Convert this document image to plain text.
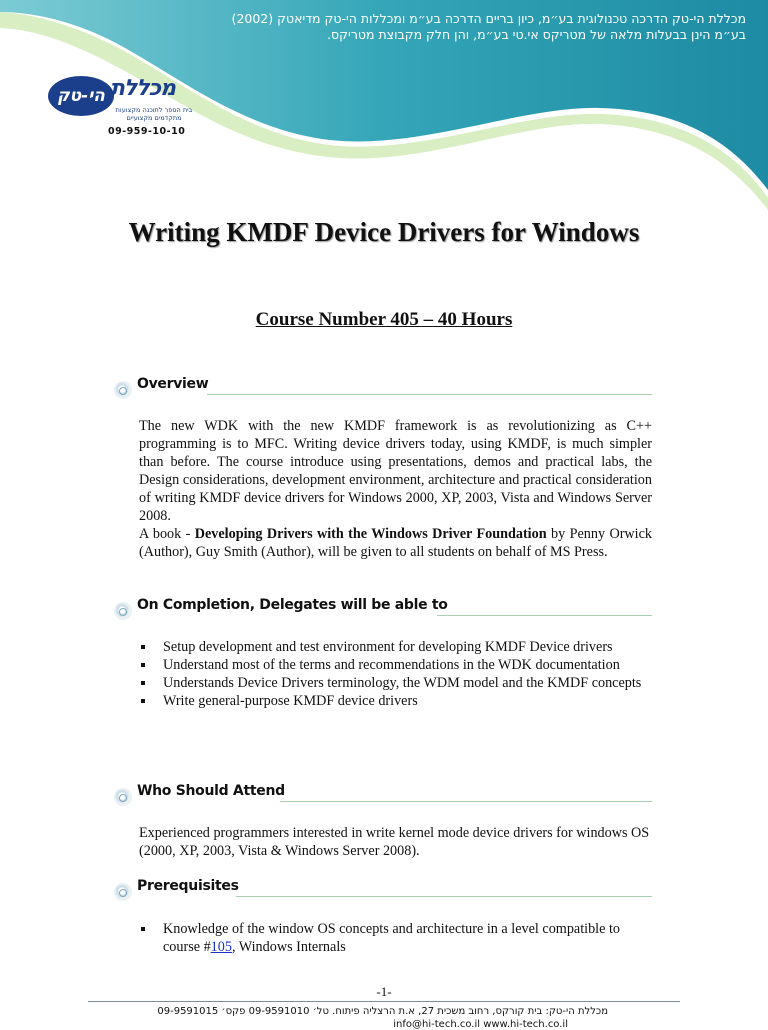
מכללת הי-טק הדרכה טכנולוגית בע״מ, כיון בריים הדרכה בע״מ ומכללות הי-טק מדיאטק (2002)
בע״מ הינן בבעלות מלאה של מטריקס אי.טי בע״מ, והן חלק מקבוצת מטריקס.
הי-טק מכללת
בית הספר לתוכנה מקצועות מתקדמים מקצועיים
09-959-10-10
Writing KMDF Device Drivers for Windows
Course Number 405 – 40 Hours
Overview

The new WDK with the new KMDF framework is as revolutionizing as C++ programming is to MFC. Writing device drivers today, using KMDF, is much simpler than before. The course introduce using presentations, demos and practical labs, the Design considerations, development environment, architecture and practical consideration of writing KMDF device drivers for Windows 2000, XP, 2003, Vista and Windows Server 2008.

A book - Developing Drivers with the Windows Driver Foundation by Penny Orwick (Author), Guy Smith (Author), will be given to all students on behalf of MS Press.

On Completion, Delegates will be able to
Setup development and test environment for developing KMDF Device drivers
Understand most of the terms and recommendations in the WDK documentation
Understands Device Drivers terminology, the WDM model and the KMDF concepts
Write general-purpose KMDF device drivers
Who Should Attend
Experienced programmers interested in write kernel mode device drivers for windows OS (2000, XP, 2003, Vista & Windows Server 2008).
Prerequisites
Knowledge of the window OS concepts and architecture in a level compatible to course #105, Windows Internals
-1-
מכללת הי-טק: בית קורקס, רחוב משכית 27, א.ת הרצליה פיתוח. טל׳ 09-9591010 פקס׳ 09-9591015
info@hi-tech.co.il www.hi-tech.co.il
